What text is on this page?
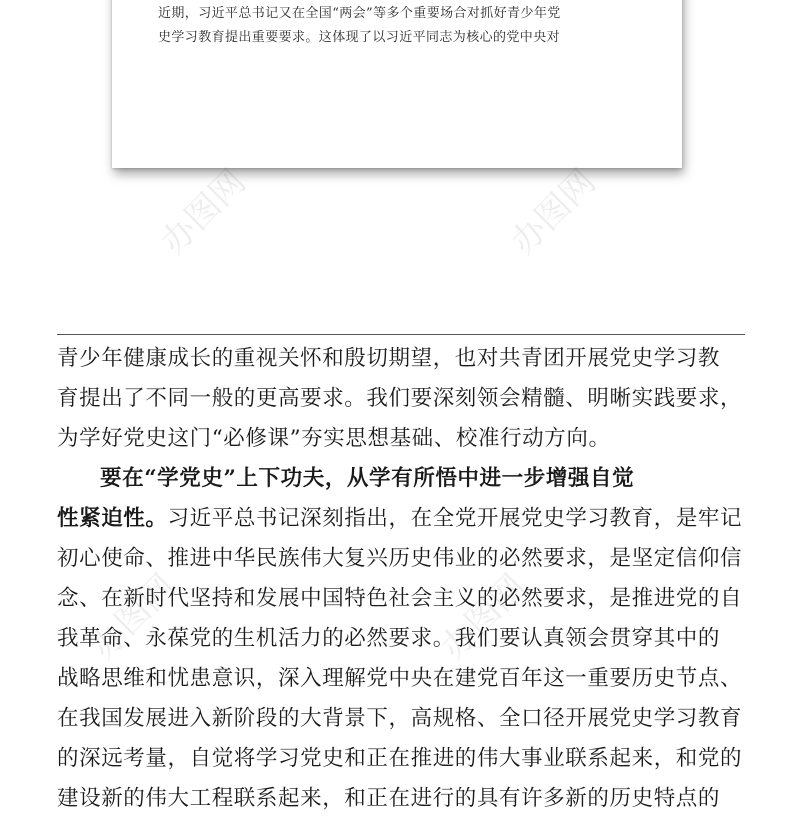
近期，习近平总书记又在全国“两会”等多个重要场合对抓好青少年党
史学习教育提出重要要求。这体现了以习近平同志为核心的党中央对
青少年健康成长的重视关怀和殷切期望，也对共青团开展党史学习教
育提出了不同一般的更高要求。我们要深刻领会精髓、明晰实践要求，
为学好党史这门“必修课”夯实思想基础、校准行动方向。
要在“学党史”上下功夫，从学有所悟中进一步增强自觉
性紧迫性。习近平总书记深刻指出，在全党开展党史学习教育，是牢记
初心使命、推进中华民族伟大复兴历史伟业的必然要求，是坚定信仰信
念、在新时代坚持和发展中国特色社会主义的必然要求，是推进党的自
我革命、永葆党的生机活力的必然要求。我们要认真领会贯穿其中的
战略思维和忧患意识，深入理解党中央在建党百年这一重要历史节点、
在我国发展进入新阶段的大背景下，高规格、全口径开展党史学习教育
的深远考量，自觉将学习党史和正在推进的伟大事业联系起来，和党的
建设新的伟大工程联系起来，和正在进行的具有许多新的历史特点的
办图网	办图网
办图网	办图网
